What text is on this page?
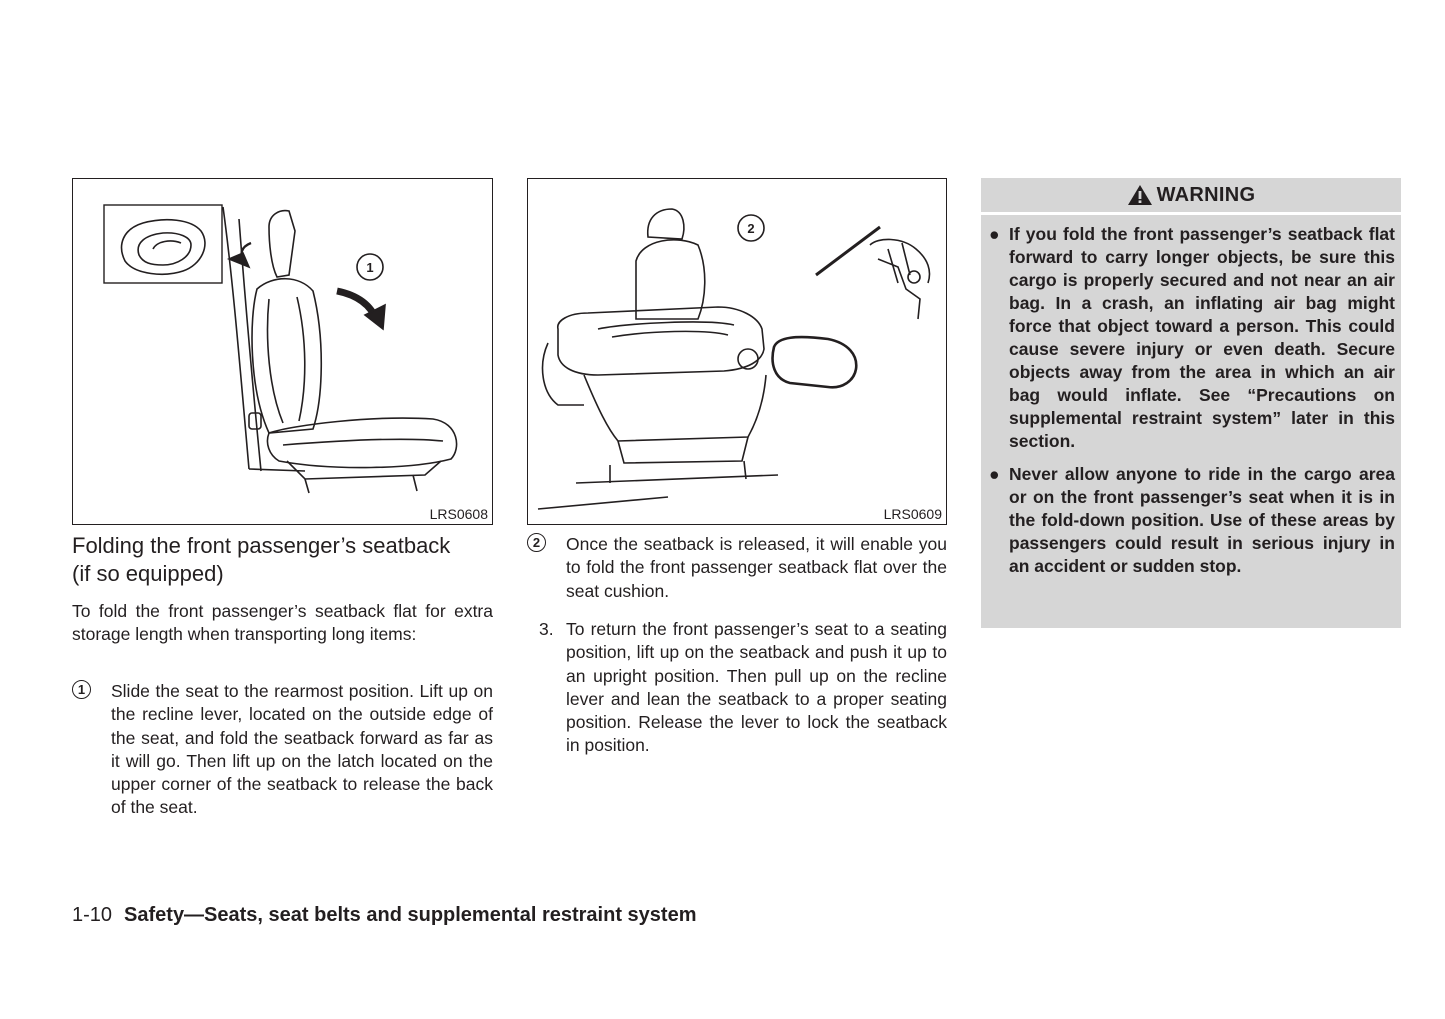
1
LRS0608
2
LRS0609
Folding the front passenger’s seatback
(if so equipped)

To fold the front passenger’s seatback flat for extra storage length when transporting long items:

1	Slide the seat to the rearmost position. Lift up on the recline lever, located on the outside edge of the seat, and fold the seatback forward as far as it will go. Then lift up on the latch located on the upper corner of the seatback to release the back of the seat.
2	Once the seatback is released, it will enable you to fold the front passenger seatback flat over the seat cushion.
3. To return the front passenger’s seat to a seating position, lift up on the seatback and push it up to an upright position. Then pull up on the recline lever and lean the seatback to a proper seating position. Release the lever to lock the seatback in position.
WARNING
● If you fold the front passenger’s seatback flat forward to carry longer objects, be sure this cargo is properly secured and not near an air bag. In a crash, an inflating air bag might force that object toward a person. This could cause severe injury or even death. Secure objects away from the area in which an air bag would inflate. See “Precautions on supplemental restraint system” later in this section.
● Never allow anyone to ride in the cargo area or on the front passenger’s seat when it is in the fold-down position. Use of these areas by passengers could result in serious injury in an accident or sudden stop.
1-10 Safety—Seats, seat belts and supplemental restraint system
